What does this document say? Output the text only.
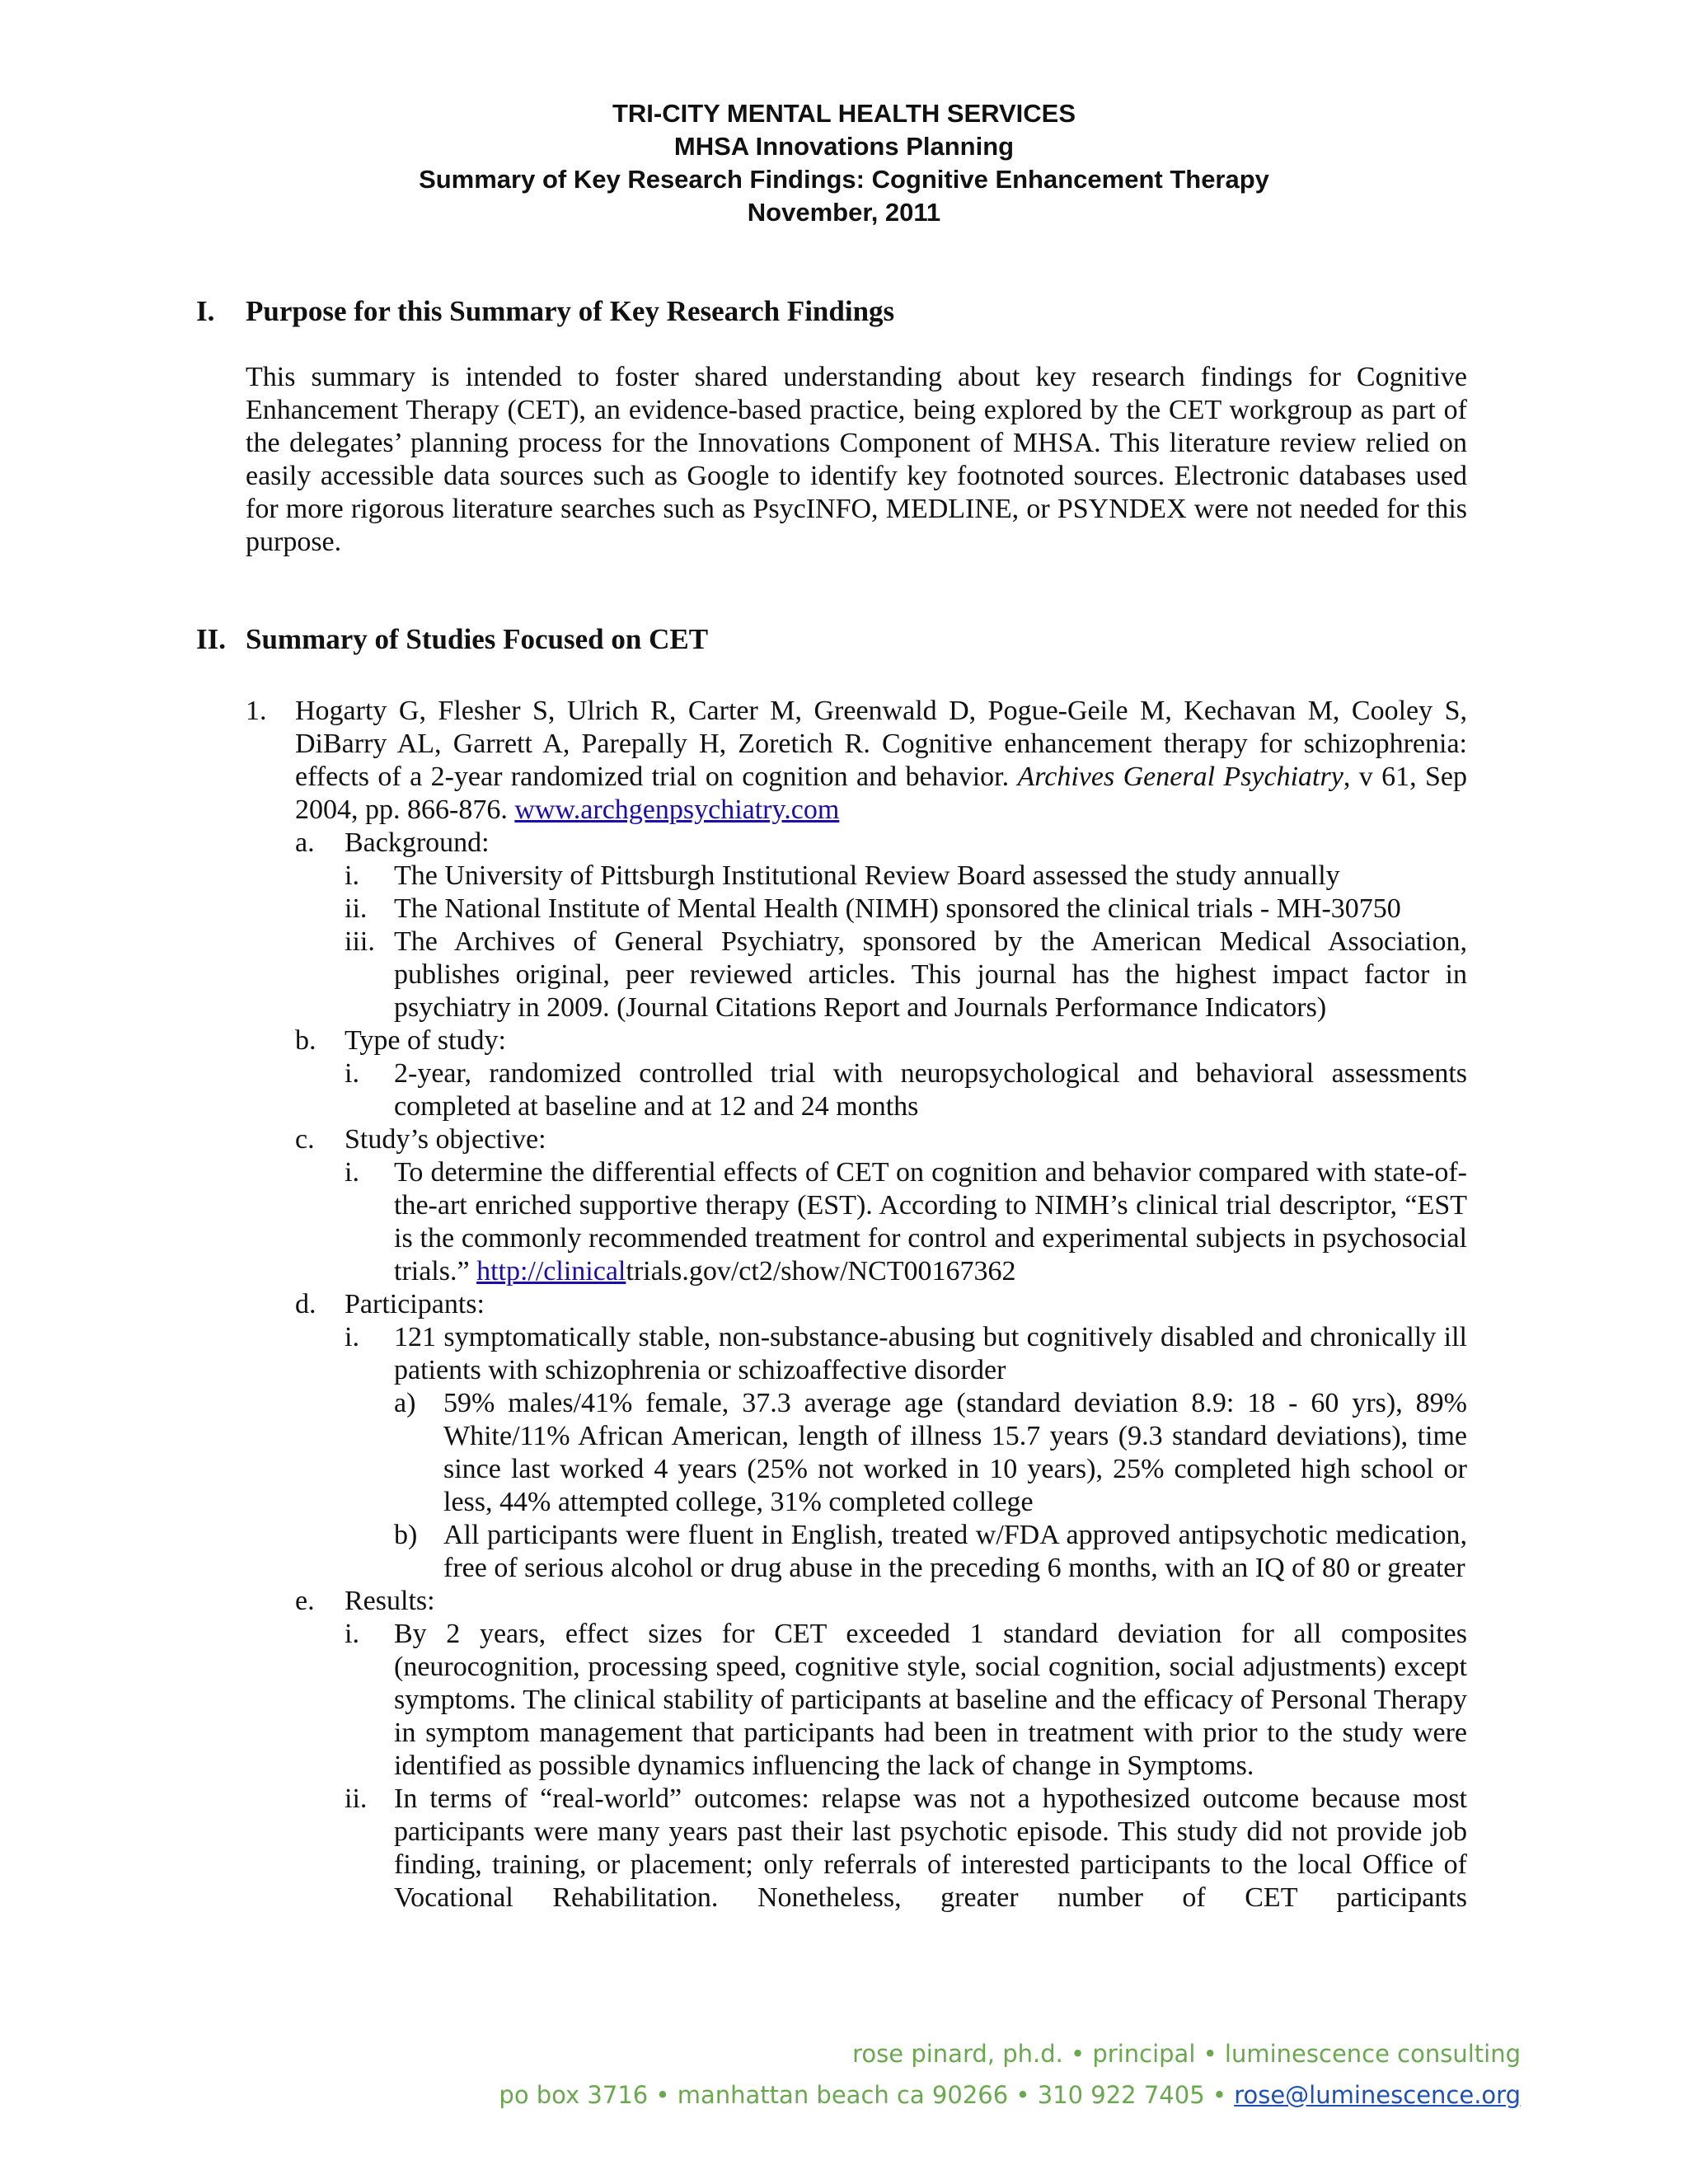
TRI-CITY MENTAL HEALTH SERVICES
MHSA Innovations Planning
Summary of Key Research Findings: Cognitive Enhancement Therapy
November, 2011
I. Purpose for this Summary of Key Research Findings
This summary is intended to foster shared understanding about key research findings for Cognitive Enhancement Therapy (CET), an evidence-based practice, being explored by the CET workgroup as part of the delegates’ planning process for the Innovations Component of MHSA. This literature review relied on easily accessible data sources such as Google to identify key footnoted sources. Electronic databases used for more rigorous literature searches such as PsycINFO, MEDLINE, or PSYNDEX were not needed for this purpose.
II. Summary of Studies Focused on CET
1. Hogarty G, Flesher S, Ulrich R, Carter M, Greenwald D, Pogue-Geile M, Kechavan M, Cooley S, DiBarry AL, Garrett A, Parepally H, Zoretich R. Cognitive enhancement therapy for schizophrenia: effects of a 2-year randomized trial on cognition and behavior. Archives General Psychiatry, v 61, Sep 2004, pp. 866-876. www.archgenpsychiatry.com
a. Background:
i.	The University of Pittsburgh Institutional Review Board assessed the study annually
ii. The National Institute of Mental Health (NIMH) sponsored the clinical trials - MH-30750
iii. The Archives of General Psychiatry, sponsored by the American Medical Association, publishes original, peer reviewed articles. This journal has the highest impact factor in psychiatry in 2009. (Journal Citations Report and Journals Performance Indicators)
b. Type of study:
i.	2-year, randomized controlled trial with neuropsychological and behavioral assessments completed at baseline and at 12 and 24 months
c. Study’s objective:
i.	To determine the differential effects of CET on cognition and behavior compared with state-of-the-art enriched supportive therapy (EST). According to NIMH’s clinical trial descriptor, “EST is the commonly recommended treatment for control and experimental subjects in psychosocial trials.” http://clinicaltrials.gov/ct2/show/NCT00167362
d. Participants:
i.	121 symptomatically stable, non-substance-abusing but cognitively disabled and chronically ill patients with schizophrenia or schizoaffective disorder
a) 59% males/41% female, 37.3 average age (standard deviation 8.9: 18 - 60 yrs), 89% White/11% African American, length of illness 15.7 years (9.3 standard deviations), time since last worked 4 years (25% not worked in 10 years), 25% completed high school or less, 44% attempted college, 31% completed college
b) All participants were fluent in English, treated w/FDA approved antipsychotic medication, free of serious alcohol or drug abuse in the preceding 6 months, with an IQ of 80 or greater
e. Results:
i.	By 2 years, effect sizes for CET exceeded 1 standard deviation for all composites (neurocognition, processing speed, cognitive style, social cognition, social adjustments) except symptoms. The clinical stability of participants at baseline and the efficacy of Personal Therapy in symptom management that participants had been in treatment with prior to the study were identified as possible dynamics influencing the lack of change in Symptoms.
ii. In terms of “real-world” outcomes: relapse was not a hypothesized outcome because most participants were many years past their last psychotic episode. This study did not provide job finding, training, or placement; only referrals of interested participants to the local Office of Vocational Rehabilitation. Nonetheless, greater number of CET participants
rose pinard, ph.d. • principal • luminescence consulting
po box 3716 • manhattan beach ca 90266 • 310 922 7405 • rose@luminescence.org
